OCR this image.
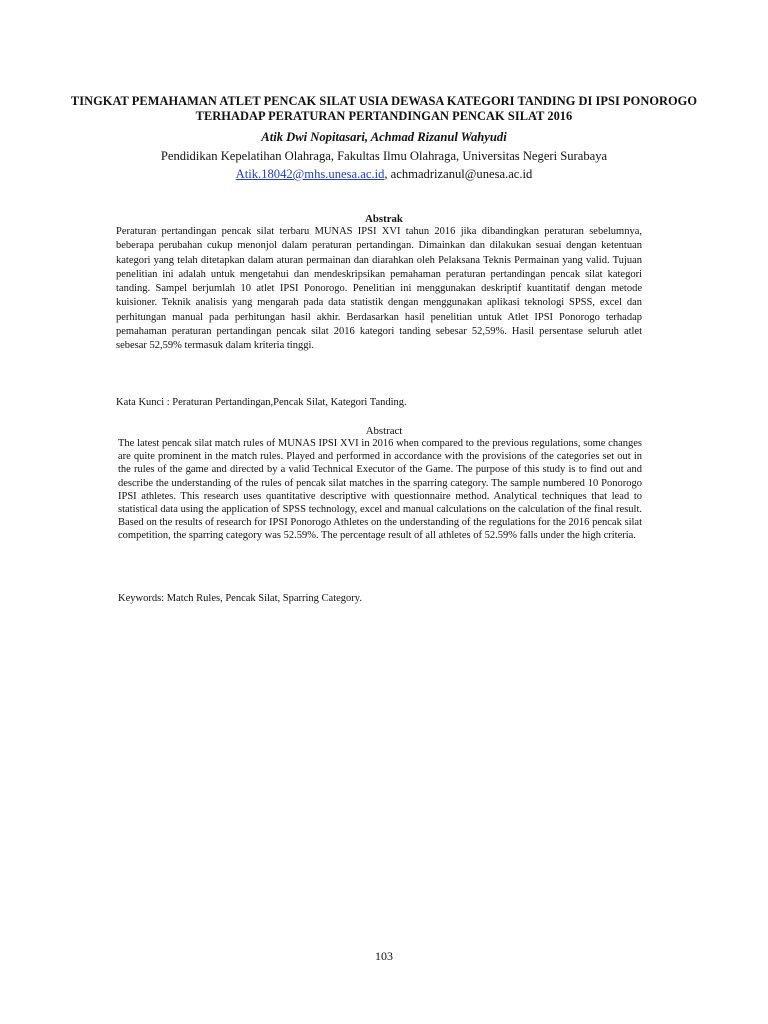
TINGKAT PEMAHAMAN ATLET PENCAK SILAT USIA DEWASA KATEGORI TANDING DI IPSI PONOROGO TERHADAP PERATURAN PERTANDINGAN PENCAK SILAT 2016
Atik Dwi Nopitasari, Achmad Rizanul Wahyudi
Pendidikan Kepelatihan Olahraga, Fakultas Ilmu Olahraga, Universitas Negeri Surabaya
Atik.18042@mhs.unesa.ac.id, achmadrizanul@unesa.ac.id
Abstrak

Peraturan pertandingan pencak silat terbaru MUNAS IPSI XVI tahun 2016 jika dibandingkan peraturan sebelumnya, beberapa perubahan cukup menonjol dalam peraturan pertandingan. Dimainkan dan dilakukan sesuai dengan ketentuan kategori yang telah ditetapkan dalam aturan permainan dan diarahkan oleh Pelaksana Teknis Permainan yang valid. Tujuan penelitian ini adalah untuk mengetahui dan mendeskripsikan pemahaman peraturan pertandingan pencak silat kategori tanding. Sampel berjumlah 10 atlet IPSI Ponorogo. Penelitian ini menggunakan deskriptif kuantitatif dengan metode kuisioner. Teknik analisis yang mengarah pada data statistik dengan menggunakan aplikasi teknologi SPSS, excel dan perhitungan manual pada perhitungan hasil akhir. Berdasarkan hasil penelitian untuk Atlet IPSI Ponorogo terhadap pemahaman peraturan pertandingan pencak silat 2016 kategori tanding sebesar 52,59%. Hasil persentase seluruh atlet sebesar 52,59% termasuk dalam kriteria tinggi.

Kata Kunci : Peraturan Pertandingan,Pencak Silat, Kategori Tanding.
Abstract

The latest pencak silat match rules of MUNAS IPSI XVI in 2016 when compared to the previous regulations, some changes are quite prominent in the match rules. Played and performed in accordance with the provisions of the categories set out in the rules of the game and directed by a valid Technical Executor of the Game. The purpose of this study is to find out and describe the understanding of the rules of pencak silat matches in the sparring category. The sample numbered 10 Ponorogo IPSI athletes. This research uses quantitative descriptive with questionnaire method. Analytical techniques that lead to statistical data using the application of SPSS technology, excel and manual calculations on the calculation of the final result. Based on the results of research for IPSI Ponorogo Athletes on the understanding of the regulations for the 2016 pencak silat competition, the sparring category was 52.59%. The percentage result of all athletes of 52.59% falls under the high criteria.

Keywords: Match Rules, Pencak Silat, Sparring Category.
103
